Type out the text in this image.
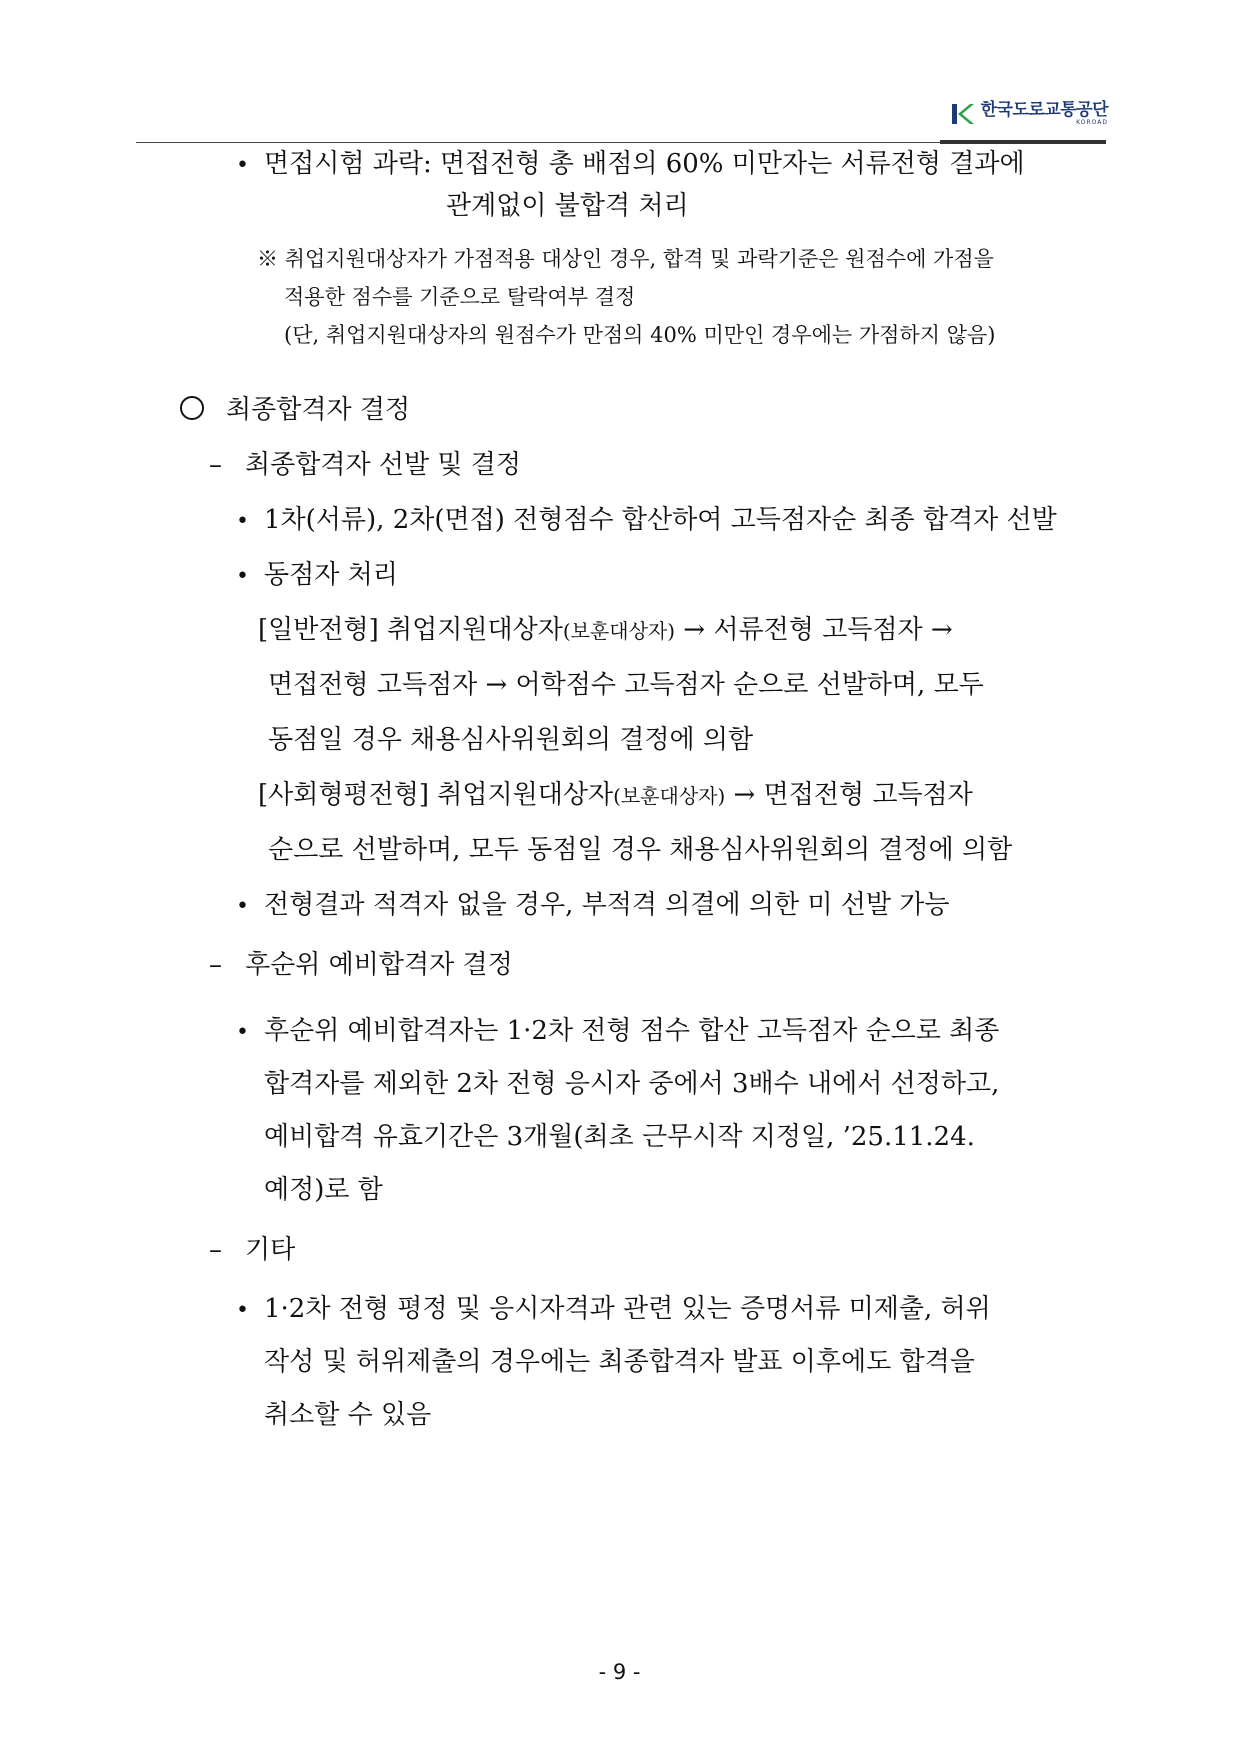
한국도로교통공단
KOROAD
• 면접시험 과락: 면접전형 총 배점의 60% 미만자는 서류전형 결과에
관계없이 불합격 처리
※ 취업지원대상자가 가점적용 대상인 경우, 합격 및 과락기준은 원점수에 가점을
적용한 점수를 기준으로 탈락여부 결정
(단, 취업지원대상자의 원점수가 만점의 40% 미만인 경우에는 가점하지 않음)
최종합격자 결정
– 최종합격자 선발 및 결정
• 1차(서류), 2차(면접) 전형점수 합산하여 고득점자순 최종 합격자 선발
• 동점자 처리
[일반전형] 취업지원대상자(보훈대상자) → 서류전형 고득점자 →
면접전형 고득점자 → 어학점수 고득점자 순으로 선발하며, 모두
동점일 경우 채용심사위원회의 결정에 의함
[사회형평전형] 취업지원대상자(보훈대상자) → 면접전형 고득점자
순으로 선발하며, 모두 동점일 경우 채용심사위원회의 결정에 의함
• 전형결과 적격자 없을 경우, 부적격 의결에 의한 미 선발 가능
– 후순위 예비합격자 결정
• 후순위 예비합격자는 1·2차 전형 점수 합산 고득점자 순으로 최종
합격자를 제외한 2차 전형 응시자 중에서 3배수 내에서 선정하고,
예비합격 유효기간은 3개월(최초 근무시작 지정일, ’25.11.24.
예정)로 함
– 기타
• 1·2차 전형 평정 및 응시자격과 관련 있는 증명서류 미제출, 허위
작성 및 허위제출의 경우에는 최종합격자 발표 이후에도 합격을
취소할 수 있음
- 9 -
